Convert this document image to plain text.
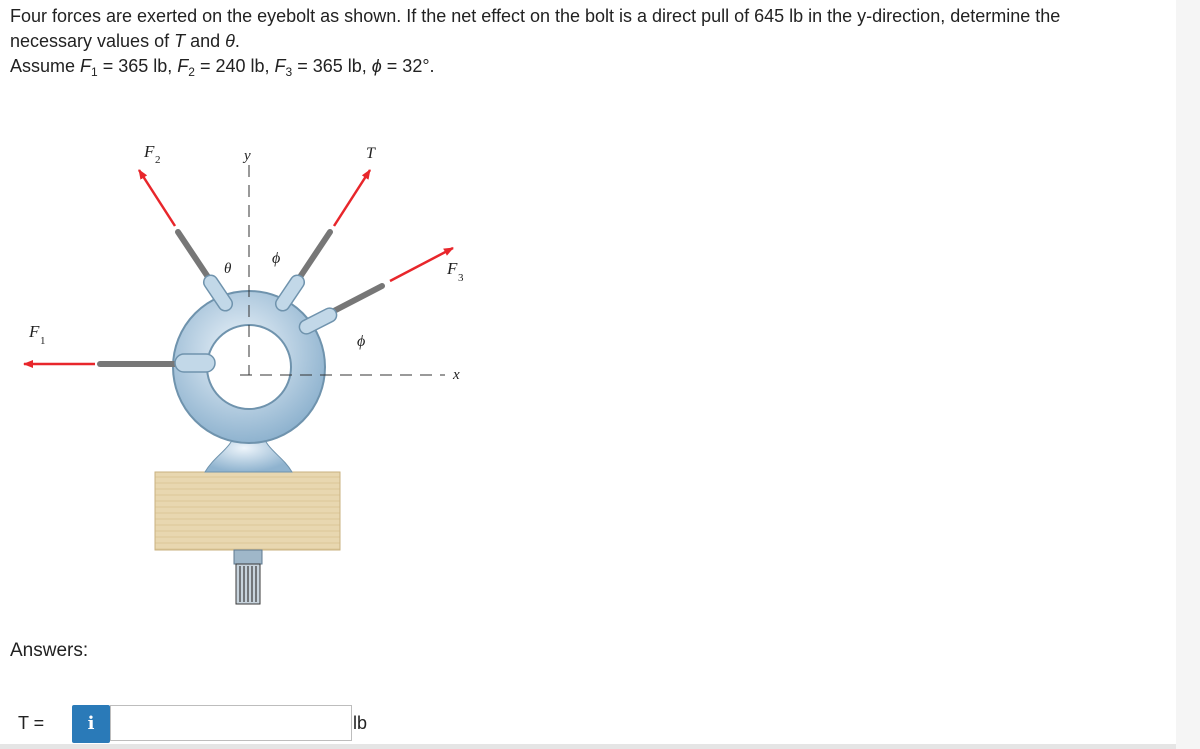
Four forces are exerted on the eyebolt as shown. If the net effect on the bolt is a direct pull of 645 lb in the y-direction, determine the

necessary values of T and θ.

Assume $F_1 = 365$ lb, $F_2 = 240$ lb, $F_3 = 365$ lb, ϕ = 32°.

F 2	y	T
θ
ϕ
F 3
F 1	ϕ
x
Answers:
T =	i	lb
